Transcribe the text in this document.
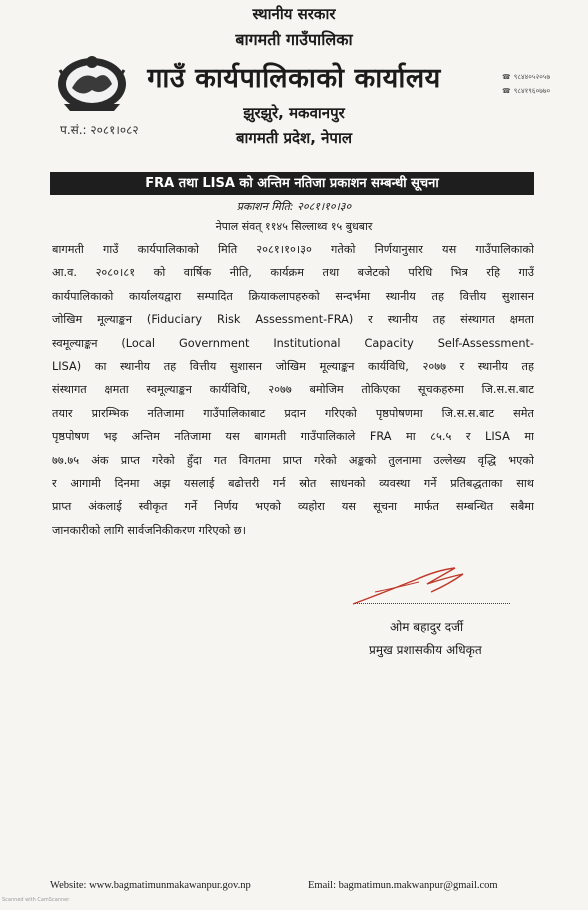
स्थानीय सरकार
बागमती गाउँपालिका
गाउँ कार्यपालिकाको कार्यालय
झुरझुरे, मकवानपुर
बागमती प्रदेश, नेपाल
प.सं.: २०८१।०८२
☎ ९८४४०५२०५७
☎ ९८४१९६०७७०
FRA तथा LISA को अन्तिम नतिजा प्रकाशन सम्बन्धी सूचना
प्रकाशन मिति: २०८१।१०।३०
नेपाल संवत् ११४५ सिल्लाथ्व १५ बुधबार
बागमती गाउँ कार्यपालिकाको मिति २०८१।१०।३० गतेको निर्णयानुसार यस गाउँपालिकाको
आ.व. २०८०।८१ को वार्षिक नीति, कार्यक्रम तथा बजेटको परिधि भित्र रहि गाउँ
कार्यपालिकाको कार्यालयद्वारा सम्पादित क्रियाकलापहरुको सन्दर्भमा स्थानीय तह वित्तीय सुशासन
जोखिम मूल्याङ्कन (Fiduciary Risk Assessment-FRA) र स्थानीय तह संस्थागत क्षमता
स्वमूल्याङ्कन (Local Government Institutional Capacity Self-Assessment-
LISA) का स्थानीय तह वित्तीय सुशासन जोखिम मूल्याङ्कन कार्यविधि, २०७७ र स्थानीय तह
संस्थागत क्षमता स्वमूल्याङ्कन कार्यविधि, २०७७ बमोजिम तोकिएका सूचकहरुमा जि.स.स.बाट
तयार प्रारम्भिक नतिजामा गाउँपालिकाबाट प्रदान गरिएको पृष्ठपोषणमा जि.स.स.बाट समेत
पृष्ठपोषण भइ अन्तिम नतिजामा यस बागमती गाउँपालिकाले FRA मा ८५.५ र LISA मा
७७.७५ अंक प्राप्त गरेको हुँदा गत विगतमा प्राप्त गरेको अङ्कको तुलनामा उल्लेख्य वृद्धि भएको
र आगामी दिनमा अझ यसलाई बढोत्तरी गर्न स्रोत साधनको व्यवस्था गर्ने प्रतिबद्धताका साथ
प्राप्त अंकलाई स्वीकृत गर्ने निर्णय भएको व्यहोरा यस सूचना मार्फत सम्बन्धित सबैमा
जानकारीको लागि सार्वजनिकीकरण गरिएको छ।
ओम बहादुर दर्जी
प्रमुख प्रशासकीय अधिकृत
Website: www.bagmatimunmakawanpur.gov.np	Email: bagmatimun.makwanpur@gmail.com
Scanned with CamScanner
